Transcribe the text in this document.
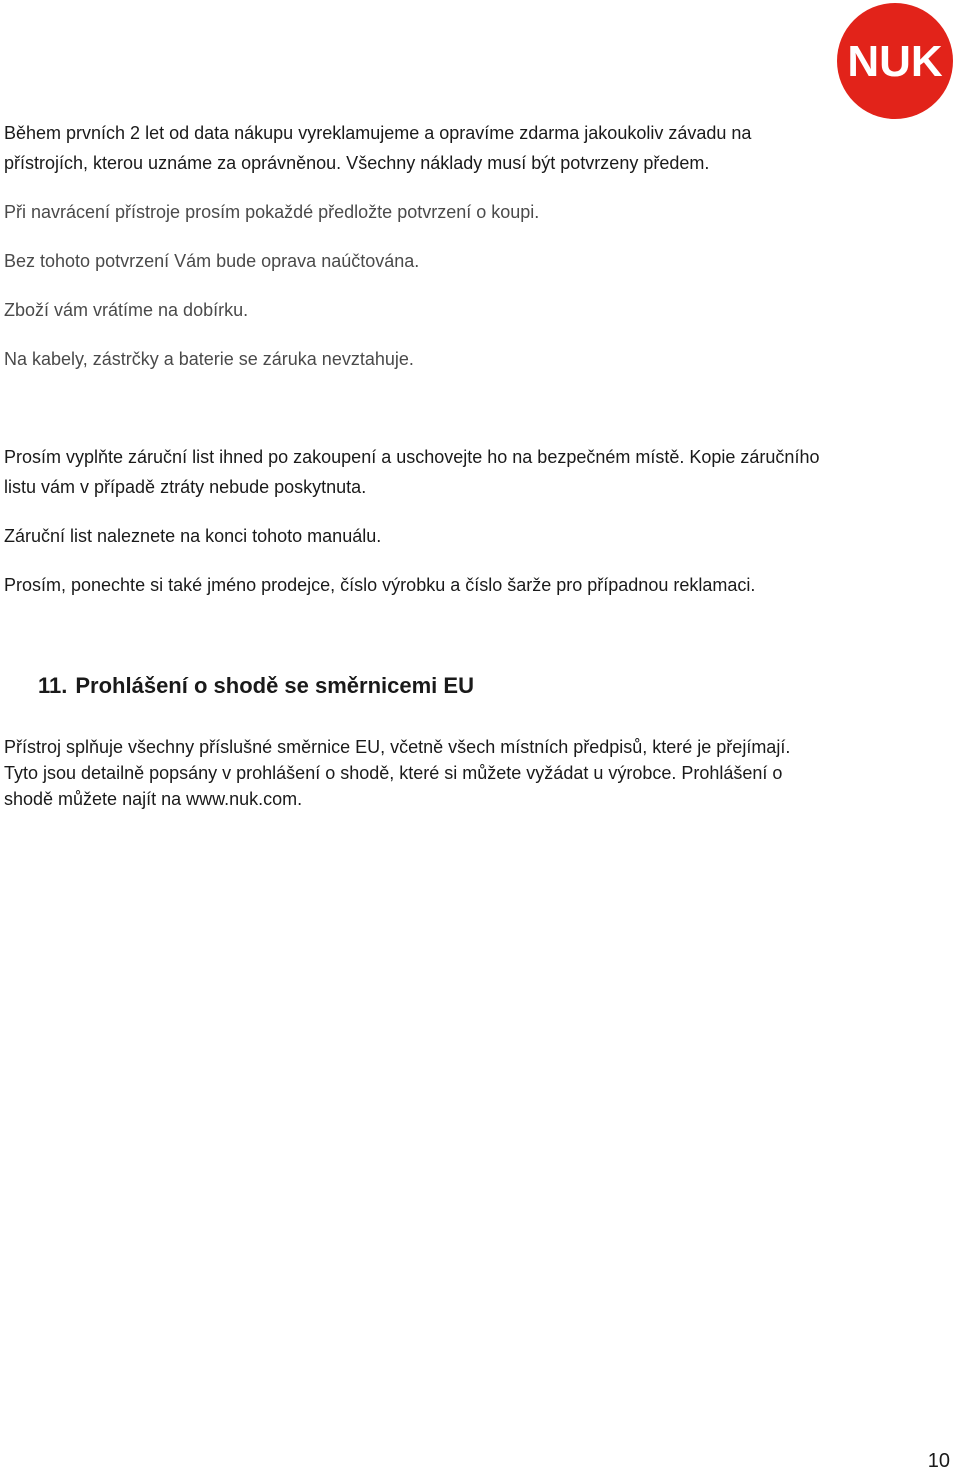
NUK

Během prvních 2 let od data nákupu vyreklamujeme a opravíme zdarma jakoukoliv závadu na

přístrojích, kterou uznáme za oprávněnou. Všechny náklady musí být potvrzeny předem.

Při navrácení přístroje prosím pokaždé předložte potvrzení o koupi.

Bez tohoto potvrzení Vám bude oprava naúčtována.

Zboží vám vrátíme na dobírku.

Na kabely, zástrčky a baterie se záruka nevztahuje.

Prosím vyplňte záruční list ihned po zakoupení a uschovejte ho na bezpečném místě. Kopie záručního

listu vám v případě ztráty nebude poskytnuta.

Záruční list naleznete na konci tohoto manuálu.

Prosím, ponechte si také jméno prodejce, číslo výrobku a číslo šarže pro případnou reklamaci.

11. Prohlášení o shodě se směrnicemi EU
Přístroj splňuje všechny příslušné směrnice EU, včetně všech místních předpisů, které je přejímají.
Tyto jsou detailně popsány v prohlášení o shodě, které si můžete vyžádat u výrobce. Prohlášení o
shodě můžete najít na www.nuk.com.
10
